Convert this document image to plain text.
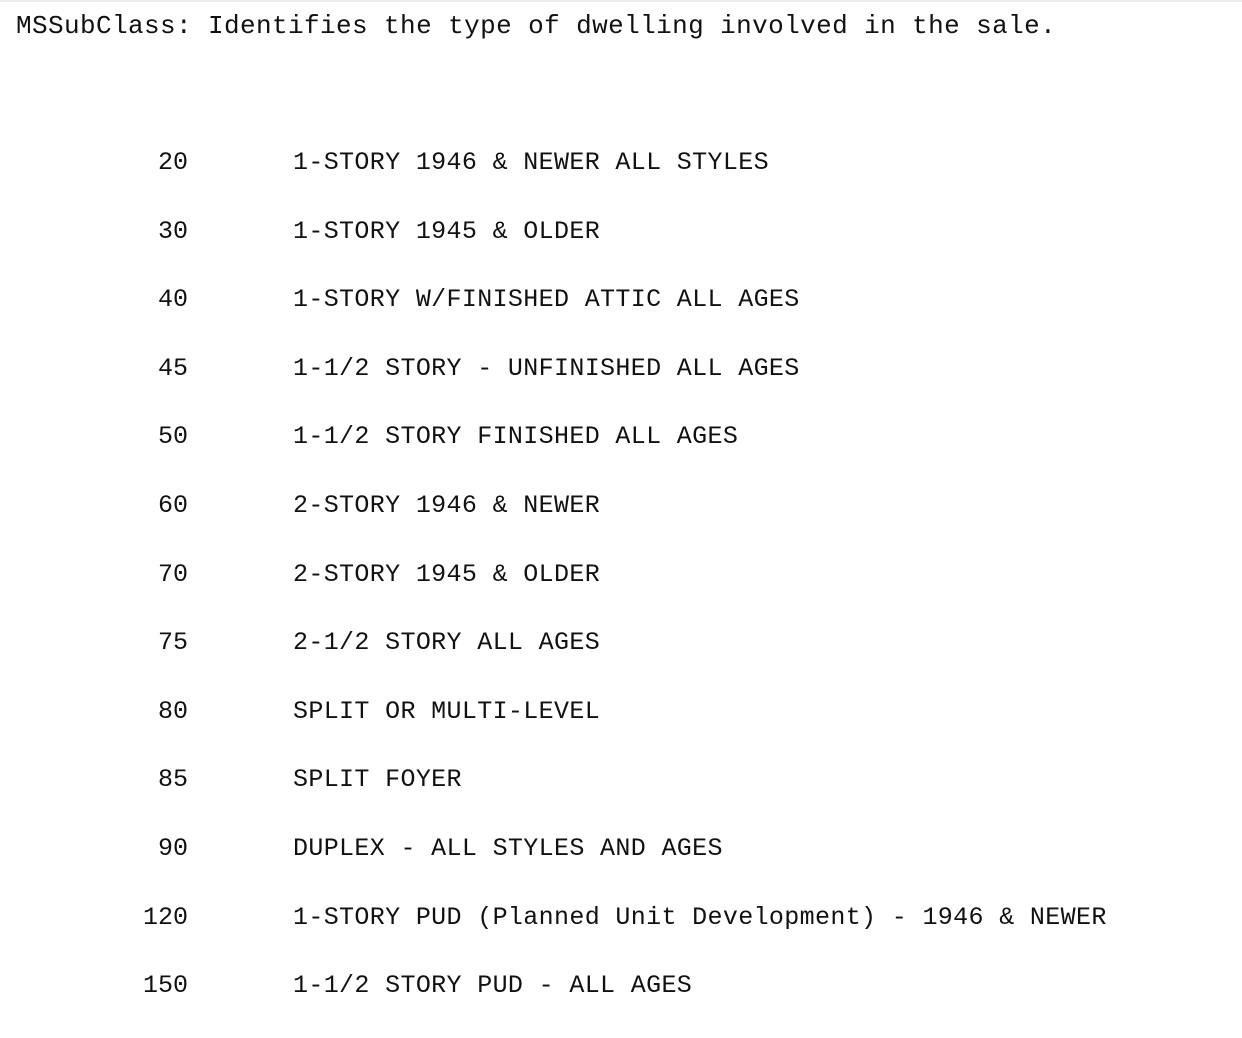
MSSubClass: Identifies the type of dwelling involved in the sale.
20	1-STORY 1946 & NEWER ALL STYLES
30	1-STORY 1945 & OLDER
40	1-STORY W/FINISHED ATTIC ALL AGES
45	1-1/2 STORY - UNFINISHED ALL AGES
50	1-1/2 STORY FINISHED ALL AGES
60	2-STORY 1946 & NEWER
70	2-STORY 1945 & OLDER
75	2-1/2 STORY ALL AGES
80	SPLIT OR MULTI-LEVEL
85	SPLIT FOYER
90	DUPLEX - ALL STYLES AND AGES
120	1-STORY PUD (Planned Unit Development) - 1946 & NEWER
150	1-1/2 STORY PUD - ALL AGES
